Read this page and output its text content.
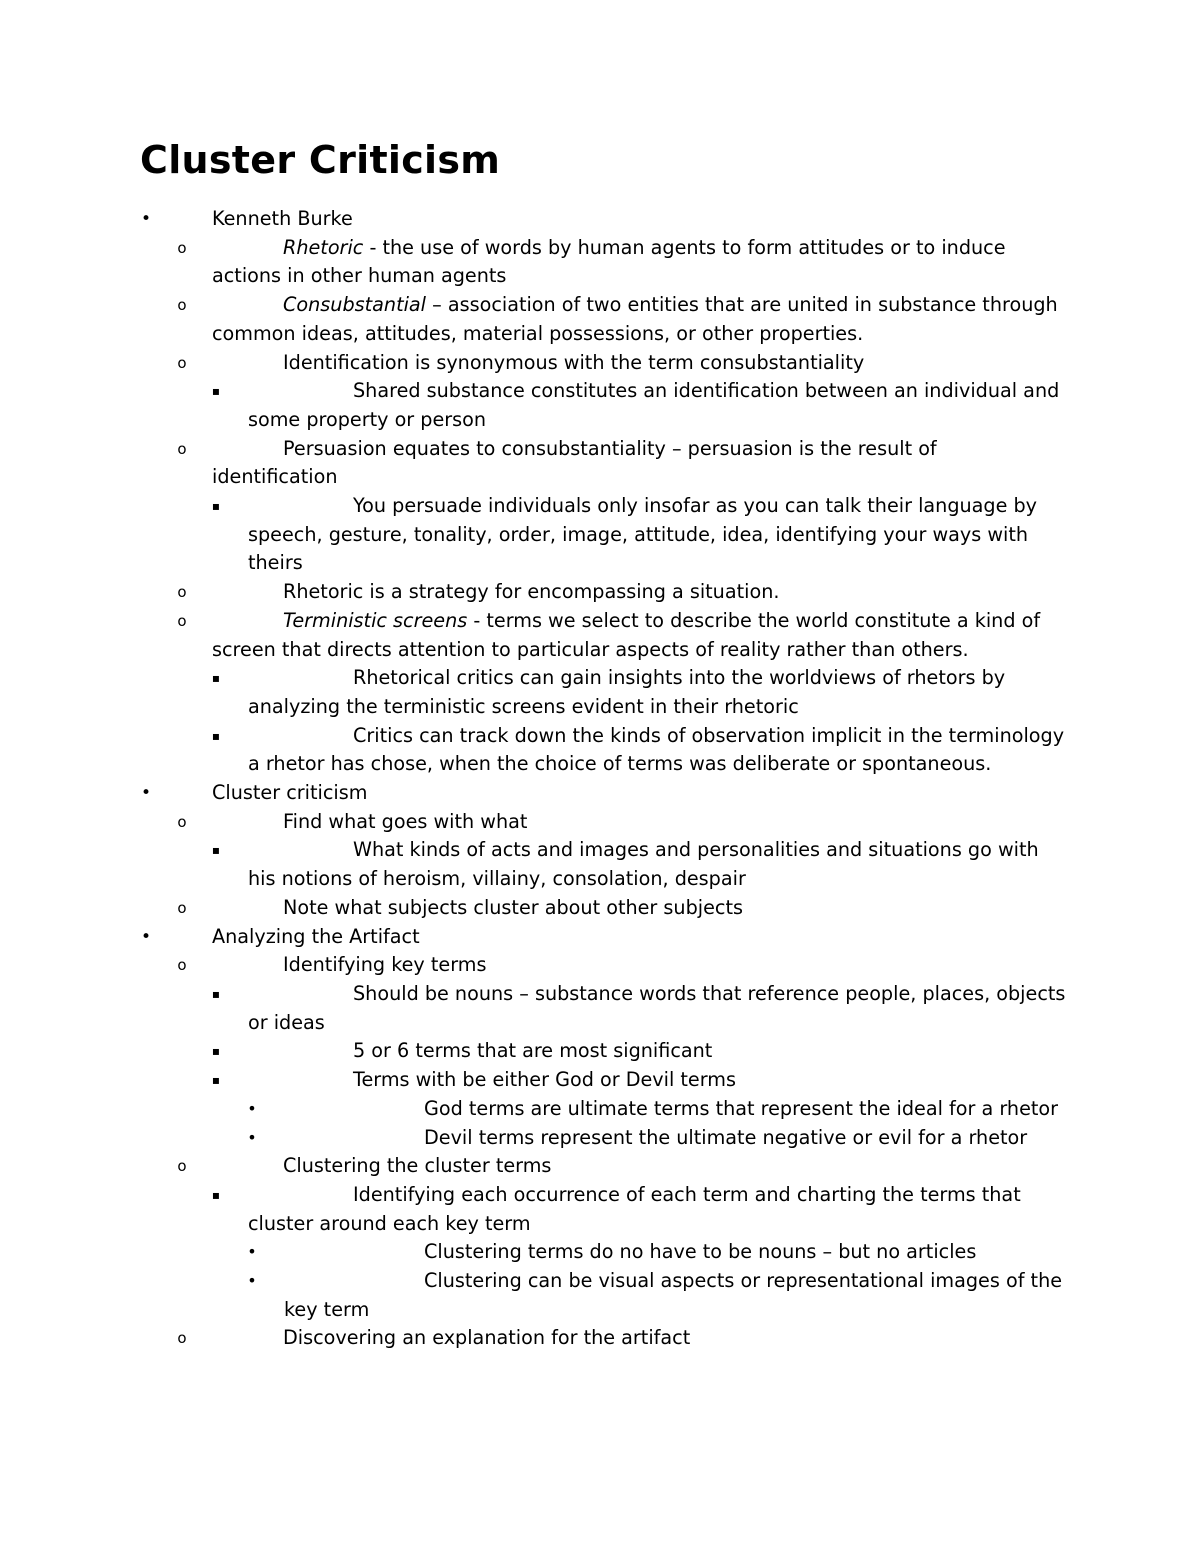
Cluster Criticism
•	Kenneth Burke
o	Rhetoric - the use of words by human agents to form attitudes or to induce
actions in other human agents
o	Consubstantial – association of two entities that are united in substance through
common ideas, attitudes, material possessions, or other properties.
o	Identification is synonymous with the term consubstantiality
▪	Shared substance constitutes an identification between an individual and
some property or person
o	Persuasion equates to consubstantiality – persuasion is the result of
identification
▪	You persuade individuals only insofar as you can talk their language by
speech, gesture, tonality, order, image, attitude, idea, identifying your ways with
theirs
o	Rhetoric is a strategy for encompassing a situation.
o	Terministic screens - terms we select to describe the world constitute a kind of
screen that directs attention to particular aspects of reality rather than others.
▪	Rhetorical critics can gain insights into the worldviews of rhetors by
analyzing the terministic screens evident in their rhetoric
▪	Critics can track down the kinds of observation implicit in the terminology
a rhetor has chose, when the choice of terms was deliberate or spontaneous.
•	Cluster criticism
o	Find what goes with what
▪	What kinds of acts and images and personalities and situations go with
his notions of heroism, villainy, consolation, despair
o	Note what subjects cluster about other subjects
•	Analyzing the Artifact
o	Identifying key terms
▪	Should be nouns – substance words that reference people, places, objects
or ideas
▪	5 or 6 terms that are most significant
▪	Terms with be either God or Devil terms
•	God terms are ultimate terms that represent the ideal for a rhetor
•	Devil terms represent the ultimate negative or evil for a rhetor
o	Clustering the cluster terms
▪	Identifying each occurrence of each term and charting the terms that
cluster around each key term
•	Clustering terms do no have to be nouns – but no articles
•	Clustering can be visual aspects or representational images of the
key term
o	Discovering an explanation for the artifact
